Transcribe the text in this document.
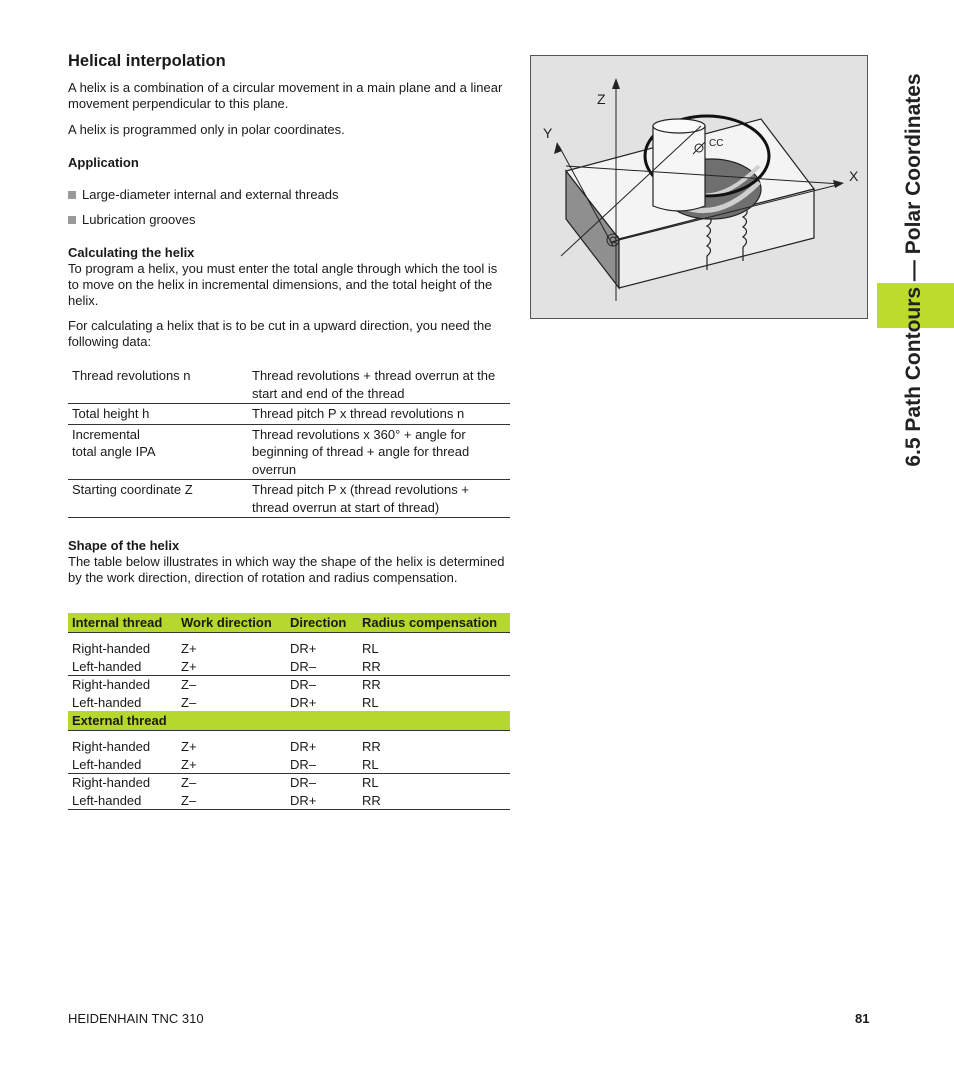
Helical interpolation

A helix is a combination of a circular movement in a main plane and a linear movement perpendicular to this plane.

A helix is programmed only in polar coordinates.

Application

Large-diameter internal and external threads
Lubrication grooves

Calculating the helix

To program a helix, you must enter the total angle through which the tool is to move on the helix in incremental dimensions, and the total height of the helix.

For calculating a helix that is to be cut in a upward direction, you need the following data:

Thread revolutions n	Thread revolutions + thread overrun at the start and end of the thread
Total height h	Thread pitch P x thread revolutions n
Incremental
total angle IPA	Thread revolutions x 360° + angle for beginning of thread + angle for thread overrun
Starting coordinate Z	Thread pitch P x (thread revolutions + thread overrun at start of thread)

Shape of the helix

The table below illustrates in which way the shape of the helix is determined by the work direction, direction of rotation and radius compensation.

Internal thread	Work direction	Direction	Radius compensation

Right-handed	Z+	DR+	RL
Left-handed	Z+	DR–	RR
Right-handed	Z–	DR–	RR
Left-handed	Z–	DR+	RL
External thread			

Right-handed	Z+	DR+	RR
Left-handed	Z+	DR–	RL
Right-handed	Z–	DR–	RL
Left-handed	Z–	DR+	RR
Z
Y
X
CC	6.5 Path Contours — Polar Coordinates
HEIDENHAIN TNC 310	81
